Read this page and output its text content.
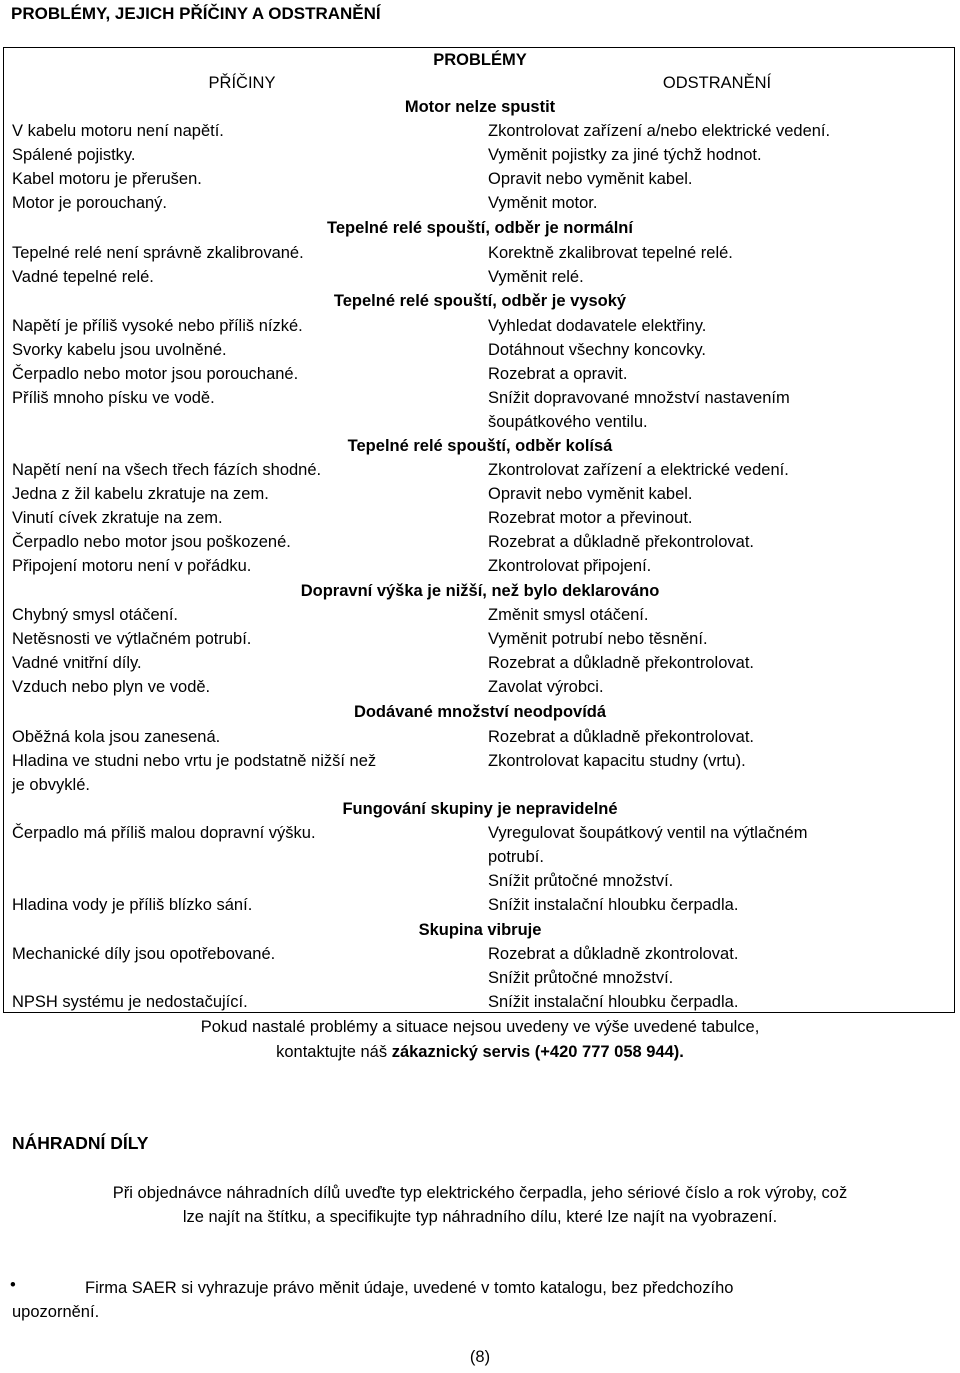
PROBLÉMY, JEJICH PŘÍČINY A ODSTRANĚNÍ
PROBLÉMY
PŘÍČINY	ODSTRANĚNÍ
Motor nelze spustit
V kabelu motoru není napětí.
Spálené pojistky.
Kabel motoru je přerušen.
Motor je porouchaný.
Zkontrolovat zařízení a/nebo elektrické vedení.
Vyměnit pojistky za jiné týchž hodnot.
Opravit nebo vyměnit kabel.
Vyměnit motor.
Tepelné relé spouští, odběr je normální
Tepelné relé není správně zkalibrované.
Vadné tepelné relé.
Korektně zkalibrovat tepelné relé.
Vyměnit relé.
Tepelné relé spouští, odběr je vysoký
Napětí je příliš vysoké nebo příliš nízké.
Svorky kabelu jsou uvolněné.
Čerpadlo nebo motor jsou porouchané.
Příliš mnoho písku ve vodě.
Vyhledat dodavatele elektřiny.
Dotáhnout všechny koncovky.
Rozebrat a opravit.
Snížit dopravované množství nastavením
šoupátkového ventilu.
Tepelné relé spouští, odběr kolísá
Napětí není na všech třech fázích shodné.
Jedna z žil kabelu zkratuje na zem.
Vinutí cívek zkratuje na zem.
Čerpadlo nebo motor jsou poškozené.
Připojení motoru není v pořádku.
Zkontrolovat zařízení a elektrické vedení.
Opravit nebo vyměnit kabel.
Rozebrat motor a převinout.
Rozebrat a důkladně překontrolovat.
Zkontrolovat připojení.
Dopravní výška je nižší, než bylo deklarováno
Chybný smysl otáčení.
Netěsnosti ve výtlačném potrubí.
Vadné vnitřní díly.
Vzduch nebo plyn ve vodě.
Změnit smysl otáčení.
Vyměnit potrubí nebo těsnění.
Rozebrat a důkladně překontrolovat.
Zavolat výrobci.
Dodávané množství neodpovídá
Oběžná kola jsou zanesená.
Hladina ve studni nebo vrtu je podstatně nižší než
je obvyklé.
Rozebrat a důkladně překontrolovat.
Zkontrolovat kapacitu studny (vrtu).
Fungování skupiny je nepravidelné
Čerpadlo má příliš malou dopravní výšku.
Hladina vody je příliš blízko sání.
Vyregulovat šoupátkový ventil na výtlačném
potrubí.
Snížit průtočné množství.
Snížit instalační hloubku čerpadla.
Skupina vibruje
Mechanické díly jsou opotřebované.
NPSH systému je nedostačující.
Rozebrat a důkladně zkontrolovat.
Snížit průtočné množství.
Snížit instalační hloubku čerpadla.
Pokud nastalé problémy a situace nejsou uvedeny ve výše uvedené tabulce,
kontaktujte náš zákaznický servis (+420 777 058 944).
NÁHRADNÍ DÍLY
Při objednávce náhradních dílů uveďte typ elektrického čerpadla, jeho sériové číslo a rok výroby, což
lze najít na štítku, a specifikujte typ náhradního dílu, které lze najít na vyobrazení.
•	Firma SAER si vyhrazuje právo měnit údaje, uvedené v tomto katalogu, bez předchozího
upozornění.
(8)
